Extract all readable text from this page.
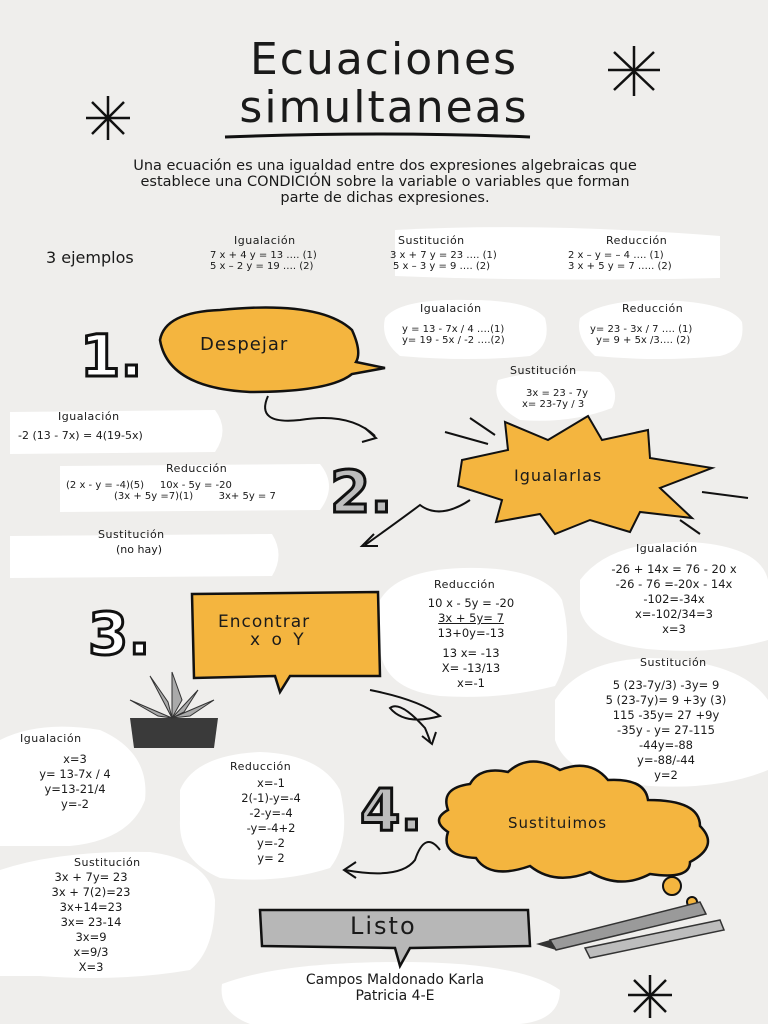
Ecuaciones
simultaneas
Una ecuación es una igualdad entre dos expresiones algebraicas que establece una CONDICIÓN sobre la variable o variables que forman parte de dichas expresiones.
3 ejemplos
Igualación
7 x + 4 y = 13 …. (1)
5 x – 2 y = 19 …. (2)
Sustitución
3 x + 7 y = 23 …. (1)
5 x – 3 y = 9 …. (2)
Reducción
2 x – y = – 4 …. (1)
3 x + 5 y = 7 ….. (2)
1.	Despejar
Igualación
y = 13 - 7x / 4 ….(1)
y= 19 - 5x / -2 ….(2)
Reducción
y= 23 - 3x / 7 …. (1)
y= 9 + 5x /3…. (2)
Sustitución
3x = 23 - 7y
x= 23-7y / 3
Igualación
-2 (13 - 7x) = 4(19-5x)
Reducción
(2 x - y = -4)(5)     10x - 5y = -20
(3x + 5y =7)(1)        3x+ 5y = 7 2.	Igualarlas
Sustitución
(no hay)	Igualación
-26 + 14x = 76 - 20 x
-26 - 76 =-20x - 14x
-102=-34x
x=-102/34=3
x=3
3.	Encontrar
x o Y
Reducción
10 x - 5y = -20
3x + 5y= 7
13+0y=-13
13 x= -13
X= -13/13
x=-1
Sustitución
5 (23-7y/3) -3y= 9
5 (23-7y)= 9 +3y (3)
115 -35y= 27 +9y
-35y - y= 27-115
-44y=-88
y=-88/-44
y=2
Igualación
x=3
y= 13-7x / 4
y=13-21/4
y=-2
Reducción
x=-1
2(-1)-y=-4
-2-y=-4
-y=-4+2
y=-2
y= 2
4.	Sustituimos
Sustitución
3x + 7y= 23
3x + 7(2)=23
3x+14=23
3x= 23-14
3x=9
x=9/3
X=3
Listo
Campos Maldonado Karla
Patricia 4-E
